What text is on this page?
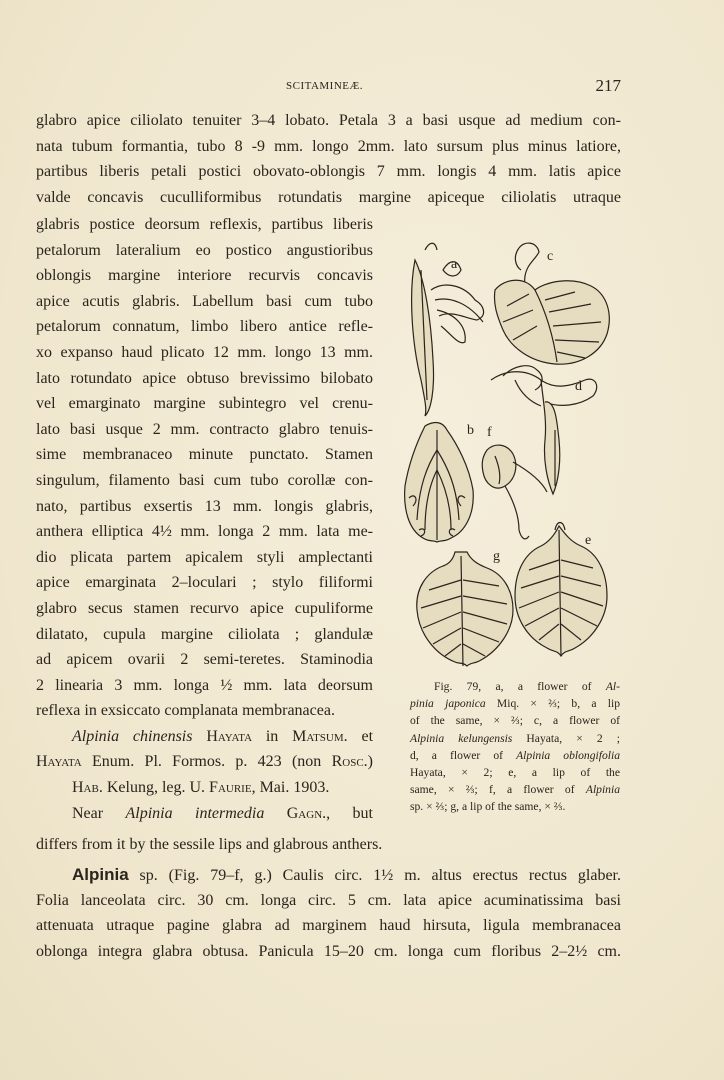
SCITAMINEÆ.	217
glabro apice ciliolato tenuiter 3–4 lobato. Petala 3 a basi usque ad medium con-
nata tubum formantia, tubo 8 -9 mm. longo 2mm. lato sursum plus minus latiore,
partibus liberis petali postici obovato-oblongis 7 mm. longis 4 mm. latis apice
valde concavis cuculliformibus rotundatis margine apiceque ciliolatis utraque
glabris postice deorsum reflexis, partibus liberis
petalorum lateralium eo postico angustioribus
oblongis margine interiore recurvis concavis
apice acutis glabris. Labellum basi cum tubo
petalorum connatum, limbo libero antice refle-
xo expanso haud plicato 12 mm. longo 13 mm.
lato rotundato apice obtuso brevissimo bilobato
vel emarginato margine subintegro vel crenu-
lato basi usque 2 mm. contracto glabro tenuis-
sime membranaceo minute punctato. Stamen
singulum, filamento basi cum tubo corollæ con-
nato, partibus exsertis 13 mm. longis glabris,
anthera elliptica 4½ mm. longa 2 mm. lata me-
dio plicata partem apicalem styli amplectanti
apice emarginata 2–loculari ; stylo filiformi
glabro secus stamen recurvo apice cupuliforme
dilatato, cupula margine ciliolata ; glandulæ
ad apicem ovarii 2 semi-teretes. Staminodia
2 linearia 3 mm. longa ½ mm. lata deorsum
reflexa in exsiccato complanata membranacea.
Alpinia chinensis Hayata in Matsum. et
Hayata Enum. Pl. Formos. p. 423 (non Rosc.)
Hab. Kelung, leg. U. Faurie, Mai. 1903.
Near Alpinia intermedia Gagn., but
differs from it by the sessile lips and glabrous anthers.
Alpinia sp. (Fig. 79–f, g.) Caulis circ. 1½ m. altus erectus rectus glaber.
Folia lanceolata circ. 30 cm. longa circ. 5 cm. lata apice acuminatissima basi
attenuata utraque pagine glabra ad marginem haud hirsuta, ligula membranacea
oblonga integra glabra obtusa. Panicula 15–20 cm. longa cum floribus 2–2½ cm.
a
c
d
b f
g
e
Fig. 79, a, a flower of Al-
pinia japonica Miq. × ⅔; b, a lip
of the same, × ⅔; c, a flower of
Alpinia kelungensis Hayata, × 2 ;
d, a flower of Alpinia oblongifolia
Hayata, × 2; e, a lip of the
same, × ⅔; f, a flower of Alpinia
sp. × ⅔; g, a lip of the same, × ⅔.
